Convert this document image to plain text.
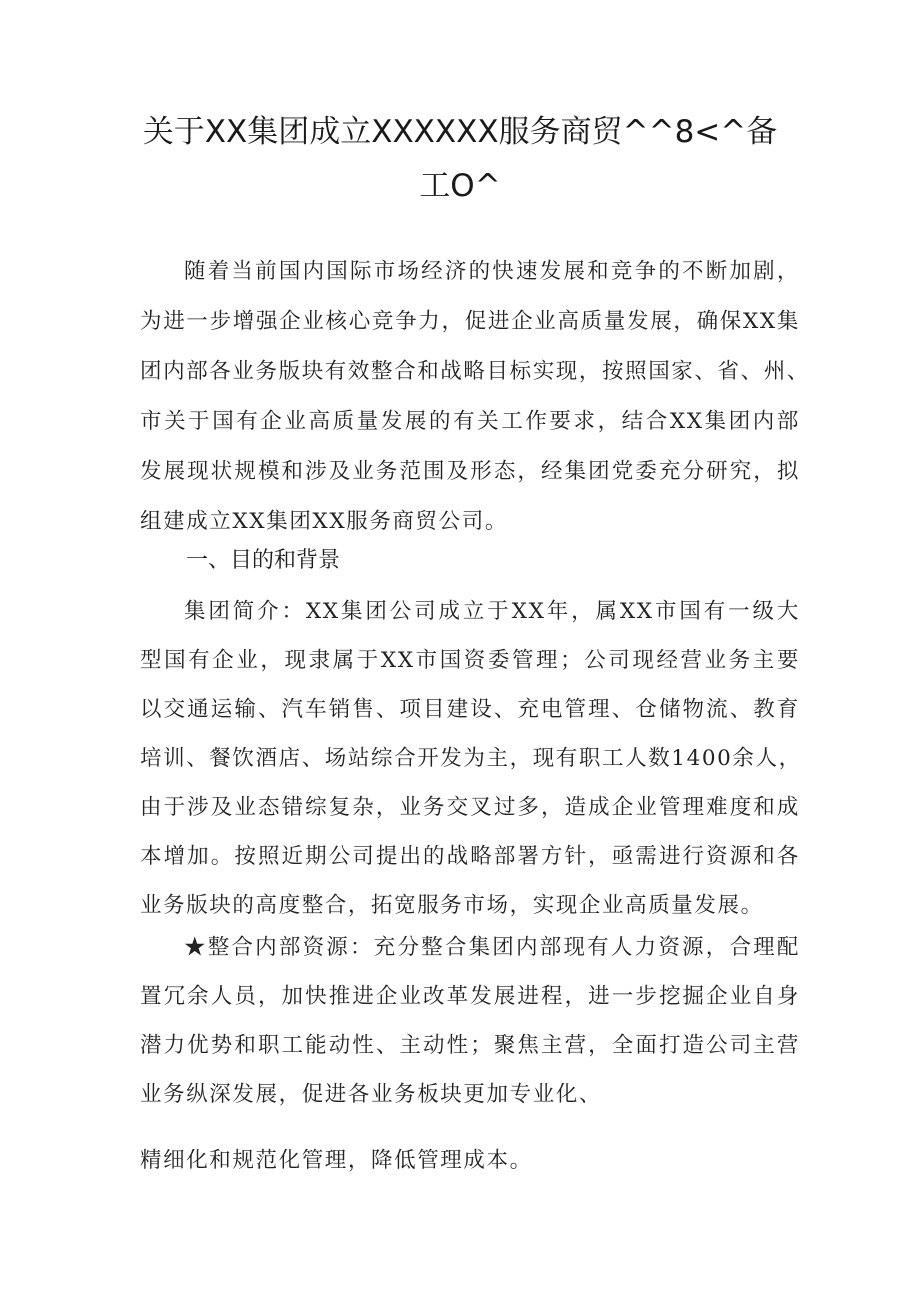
关于XX集团成立XXXXXX服务商贸^^8<^备
工O^
随着当前国内国际市场经济的快速发展和竞争的不断加剧，
为进一步增强企业核心竞争力，促进企业高质量发展，确保XX集
团内部各业务版块有效整合和战略目标实现，按照国家、省、州、
市关于国有企业高质量发展的有关工作要求，结合XX集团内部
发展现状规模和涉及业务范围及形态，经集团党委充分研究，拟
组建成立XX集团XX服务商贸公司。
一、目的和背景
集团简介：XX集团公司成立于XX年，属XX市国有一级大
型国有企业，现隶属于XX市国资委管理；公司现经营业务主要
以交通运输、汽车销售、项目建设、充电管理、仓储物流、教育
培训、餐饮酒店、场站综合开发为主，现有职工人数1400余人，
由于涉及业态错综复杂，业务交叉过多，造成企业管理难度和成
本增加。按照近期公司提出的战略部署方针，亟需进行资源和各
业务版块的高度整合，拓宽服务市场，实现企业高质量发展。
★整合内部资源：充分整合集团内部现有人力资源，合理配
置冗余人员，加快推进企业改革发展进程，进一步挖掘企业自身
潜力优势和职工能动性、主动性；聚焦主营，全面打造公司主营
业务纵深发展，促进各业务板块更加专业化、
精细化和规范化管理，降低管理成本。
